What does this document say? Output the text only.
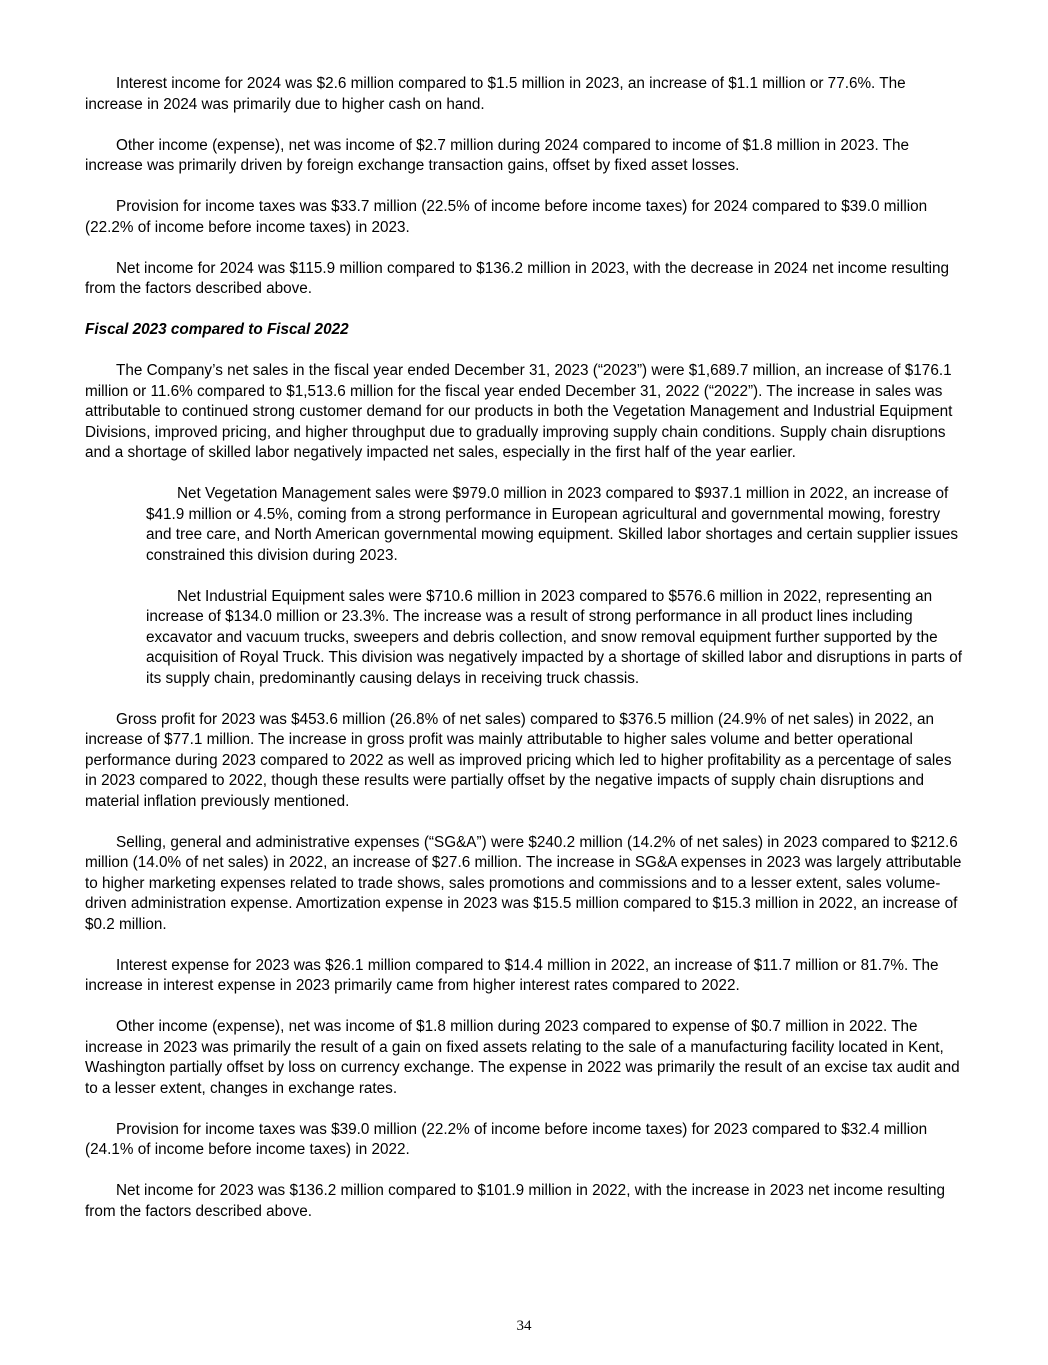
Interest income for 2024 was $2.6 million compared to $1.5 million in 2023, an increase of $1.1 million or 77.6%. The increase in 2024 was primarily due to higher cash on hand.

Other income (expense), net was income of $2.7 million during 2024 compared to income of $1.8 million in 2023. The increase was primarily driven by foreign exchange transaction gains, offset by fixed asset losses.

Provision for income taxes was $33.7 million (22.5% of income before income taxes) for 2024 compared to $39.0 million (22.2% of income before income taxes) in 2023.

Net income for 2024 was $115.9 million compared to $136.2 million in 2023, with the decrease in 2024 net income resulting from the factors described above.

Fiscal 2023 compared to Fiscal 2022

The Company’s net sales in the fiscal year ended December 31, 2023 (“2023”) were $1,689.7 million, an increase of $176.1 million or 11.6% compared to $1,513.6 million for the fiscal year ended December 31, 2022 (“2022”). The increase in sales was attributable to continued strong customer demand for our products in both the Vegetation Management and Industrial Equipment Divisions, improved pricing, and higher throughput due to gradually improving supply chain conditions. Supply chain disruptions and a shortage of skilled labor negatively impacted net sales, especially in the first half of the year earlier.

Net Vegetation Management sales were $979.0 million in 2023 compared to $937.1 million in 2022, an increase of $41.9 million or 4.5%, coming from a strong performance in European agricultural and governmental mowing, forestry and tree care, and North American governmental mowing equipment. Skilled labor shortages and certain supplier issues constrained this division during 2023.

Net Industrial Equipment sales were $710.6 million in 2023 compared to $576.6 million in 2022, representing an increase of $134.0 million or 23.3%. The increase was a result of strong performance in all product lines including excavator and vacuum trucks, sweepers and debris collection, and snow removal equipment further supported by the acquisition of Royal Truck. This division was negatively impacted by a shortage of skilled labor and disruptions in parts of its supply chain, predominantly causing delays in receiving truck chassis.

Gross profit for 2023 was $453.6 million (26.8% of net sales) compared to $376.5 million (24.9% of net sales) in 2022, an increase of $77.1 million. The increase in gross profit was mainly attributable to higher sales volume and better operational performance during 2023 compared to 2022 as well as improved pricing which led to higher profitability as a percentage of sales in 2023 compared to 2022, though these results were partially offset by the negative impacts of supply chain disruptions and material inflation previously mentioned.

Selling, general and administrative expenses (“SG&A”) were $240.2 million (14.2% of net sales) in 2023 compared to $212.6 million (14.0% of net sales) in 2022, an increase of $27.6 million. The increase in SG&A expenses in 2023 was largely attributable to higher marketing expenses related to trade shows, sales promotions and commissions and to a lesser extent, sales volume-driven administration expense. Amortization expense in 2023 was $15.5 million compared to $15.3 million in 2022, an increase of $0.2 million.

Interest expense for 2023 was $26.1 million compared to $14.4 million in 2022, an increase of $11.7 million or 81.7%. The increase in interest expense in 2023 primarily came from higher interest rates compared to 2022.

Other income (expense), net was income of $1.8 million during 2023 compared to expense of $0.7 million in 2022. The increase in 2023 was primarily the result of a gain on fixed assets relating to the sale of a manufacturing facility located in Kent, Washington partially offset by loss on currency exchange. The expense in 2022 was primarily the result of an excise tax audit and to a lesser extent, changes in exchange rates.

Provision for income taxes was $39.0 million (22.2% of income before income taxes) for 2023 compared to $32.4 million (24.1% of income before income taxes) in 2022.

Net income for 2023 was $136.2 million compared to $101.9 million in 2022, with the increase in 2023 net income resulting from the factors described above.

34
